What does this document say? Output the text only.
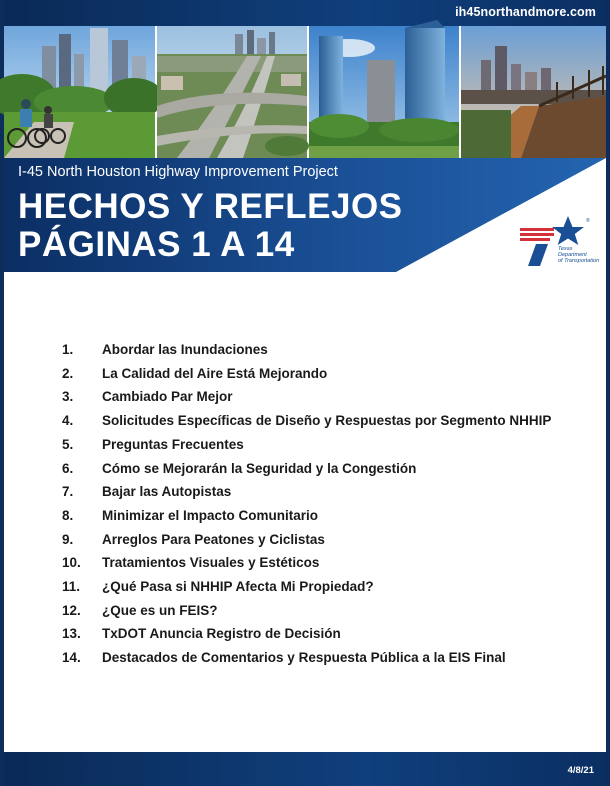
ih45northandmore.com
I-45 North Houston Highway Improvement Project
HECHOS Y REFLEJOS
PÁGINAS 1 A 14	Texas
Department
of Transportation
®
1.	Abordar las Inundaciones
2.	La Calidad del Aire Está Mejorando
3.	Cambiado Par Mejor
4.	Solicitudes Específicas de Diseño y Respuestas por Segmento NHHIP
5.	Preguntas Frecuentes
6.	Cómo se Mejorarán la Seguridad y la Congestión
7.	Bajar las Autopistas
8.	Minimizar el Impacto Comunitario
9.	Arreglos Para Peatones y Ciclistas
10.	Tratamientos Visuales y Estéticos
11.	¿Qué Pasa si NHHIP Afecta Mi Propiedad?
12.	¿Que es un FEIS?
13.	TxDOT Anuncia Registro de Decisión
14.	Destacados de Comentarios y Respuesta Pública a la EIS Final
4/8/21
